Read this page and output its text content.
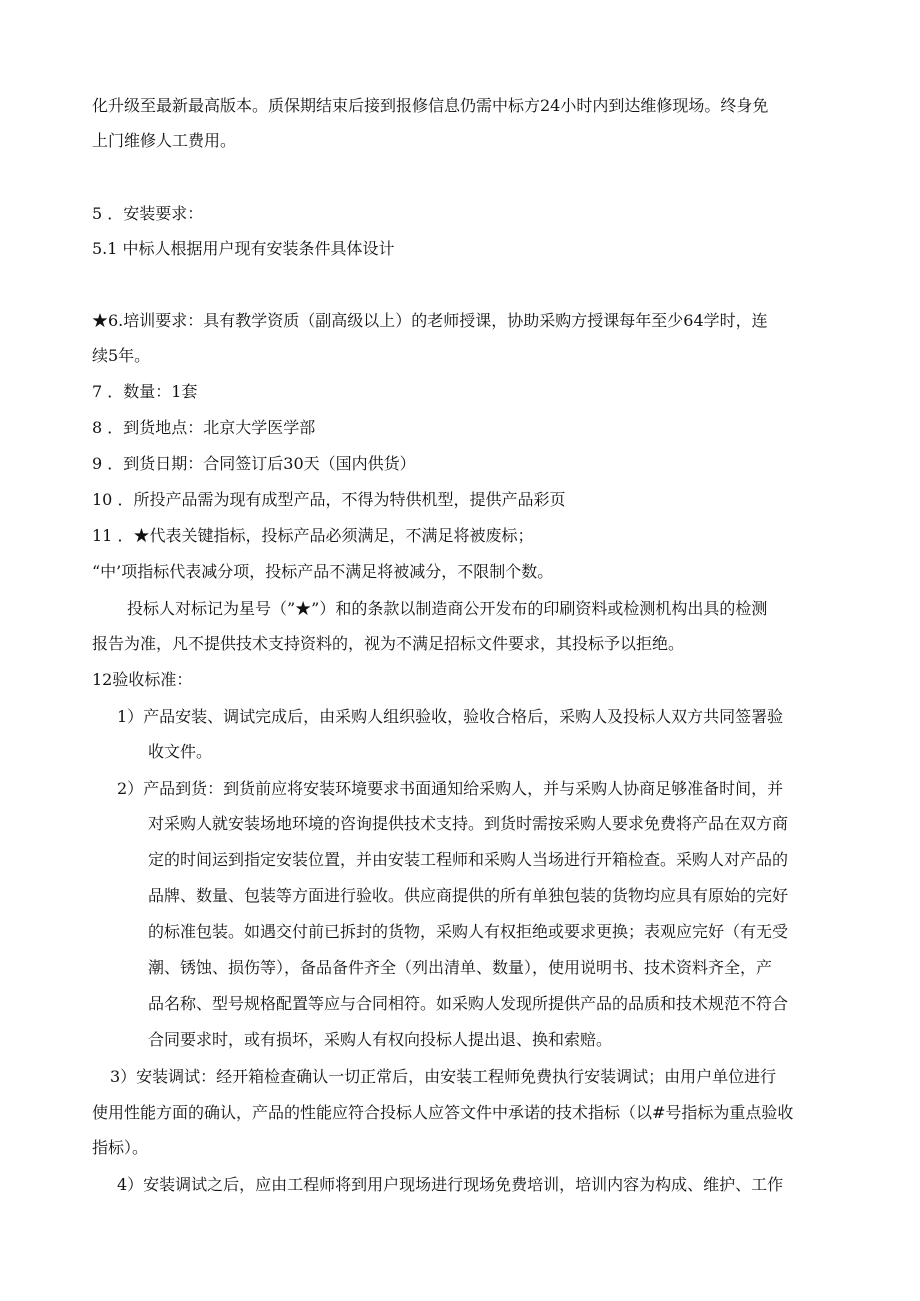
化升级至最新最高版本。质保期结束后接到报修信息仍需中标方24小时内到达维修现场。终身免

上门维修人工费用。

5 ．安装要求：

5.1 中标人根据用户现有安装条件具体设计

★6.培训要求：具有教学资质（副高级以上）的老师授课，协助采购方授课每年至少64学时，连

续5年。

7 ．数量：1套

8 ．到货地点：北京大学医学部

9 ．到货日期：合同签订后30天（国内供货）

10 ．所投产品需为现有成型产品，不得为特供机型，提供产品彩页

11 ．★代表关键指标，投标产品必须满足，不满足将被废标；

“中’项指标代表减分项，投标产品不满足将被减分，不限制个数。

投标人对标记为星号（”★”）和的条款以制造商公开发布的印刷资料或检测机构出具的检测

报告为准，凡不提供技术支持资料的，视为不满足招标文件要求，其投标予以拒绝。

12验收标准：

1）产品安装、调试完成后，由采购人组织验收，验收合格后，采购人及投标人双方共同签署验

收文件。

2）产品到货：到货前应将安装环境要求书面通知给采购人，并与采购人协商足够准备时间，并

对采购人就安装场地环境的咨询提供技术支持。到货时需按采购人要求免费将产品在双方商

定的时间运到指定安装位置，并由安装工程师和采购人当场进行开箱检查。采购人对产品的

品牌、数量、包装等方面进行验收。供应商提供的所有单独包装的货物均应具有原始的完好

的标准包装。如遇交付前已拆封的货物，采购人有权拒绝或要求更换；表观应完好（有无受

潮、锈蚀、损伤等），备品备件齐全（列出清单、数量），使用说明书、技术资料齐全，产

品名称、型号规格配置等应与合同相符。如采购人发现所提供产品的品质和技术规范不符合

合同要求时，或有损坏，采购人有权向投标人提出退、换和索赔。

3）安装调试：经开箱检查确认一切正常后，由安装工程师免费执行安装调试；由用户单位进行

使用性能方面的确认，产品的性能应符合投标人应答文件中承诺的技术指标（以#号指标为重点验收

指标）。

4）安装调试之后，应由工程师将到用户现场进行现场免费培训，培训内容为构成、维护、工作
